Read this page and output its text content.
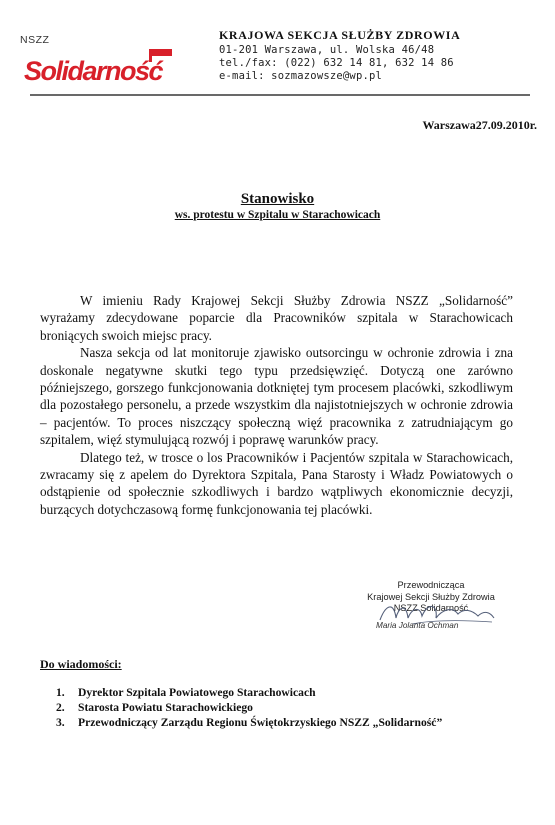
NSZZ
Solidarność
KRAJOWA SEKCJA SŁUŻBY ZDROWIA
01-201 Warszawa, ul. Wolska 46/48
tel./fax: (022) 632 14 81, 632 14 86
e-mail: sozmazowsze@wp.pl
Warszawa27.09.2010r.
Stanowisko
ws. protestu w Szpitalu w Starachowicach

W imieniu Rady Krajowej Sekcji Służby Zdrowia NSZZ „Solidarność” wyrażamy zdecydowane poparcie dla Pracowników szpitala w Starachowicach broniących swoich miejsc pracy.

Nasza sekcja od lat monitoruje zjawisko outsorcingu w ochronie zdrowia i zna doskonale negatywne skutki tego typu przedsięwzięć. Dotyczą one zarówno późniejszego, gorszego funkcjonowania dotkniętej tym procesem placówki, szkodliwym dla pozostałego personelu, a przede wszystkim dla najistotniejszych w ochronie zdrowia – pacjentów. To proces niszczący społeczną więź pracownika z zatrudniającym go szpitalem, więź stymulującą rozwój i poprawę warunków pracy.

Dlatego też, w trosce o los Pracowników i Pacjentów szpitala w Starachowicach, zwracamy się z apelem do Dyrektora Szpitala, Pana Starosty i Władz Powiatowych o odstąpienie od społecznie szkodliwych i bardzo wątpliwych ekonomicznie decyzji, burzących dotychczasową formę funkcjonowania tej placówki.

Przewodnicząca
Krajowej Sekcji Służby Zdrowia
NSZZ Solidarność
Maria Jolanta Ochman
Do wiadomości:
1. Dyrektor Szpitala Powiatowego Starachowicach
2. Starosta Powiatu Starachowickiego
3. Przewodniczący Zarządu Regionu Świętokrzyskiego NSZZ „Solidarność”
